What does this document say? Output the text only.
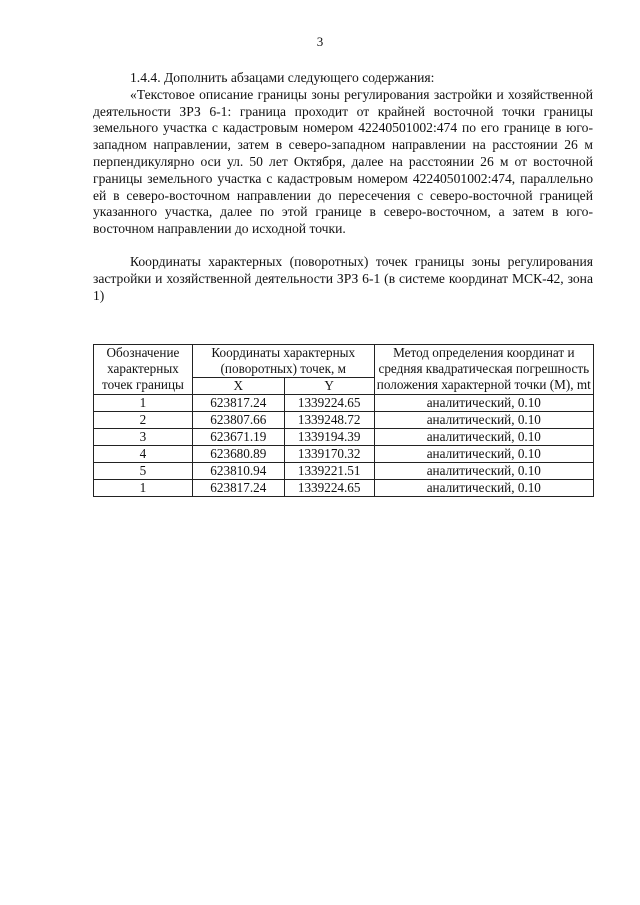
3

1.4.4. Дополнить абзацами следующего содержания:

«Текстовое описание границы зоны регулирования застройки и хозяйственной деятельности ЗРЗ 6-1: граница проходит от крайней восточной точки границы земельного участка с кадастровым номером 42240501002:474 по его границе в юго-западном направлении, затем в северо-западном направлении на расстоянии 26 м перпендикулярно оси ул. 50 лет Октября, далее на расстоянии 26 м от восточной границы земельного участка с кадастровым номером 42240501002:474, параллельно ей в северо-восточном направлении до пересечения с северо-восточной границей указанного участка, далее по этой границе в северо-восточном, а затем в юго-восточном направлении до исходной точки.

Координаты характерных (поворотных) точек границы зоны регулирования застройки и хозяйственной деятельности ЗРЗ 6-1 (в системе координат МСК-42, зона 1)

Обозначение характерных точек границы	Координаты характерных (поворотных) точек, м		Метод определения координат и средняя квадратическая погрешность положения характерной точки (М), mt
	X	Y	
1	623817.24	1339224.65	аналитический, 0.10
2	623807.66	1339248.72	аналитический, 0.10
3	623671.19	1339194.39	аналитический, 0.10
4	623680.89	1339170.32	аналитический, 0.10
5	623810.94	1339221.51	аналитический, 0.10
1	623817.24	1339224.65	аналитический, 0.10
